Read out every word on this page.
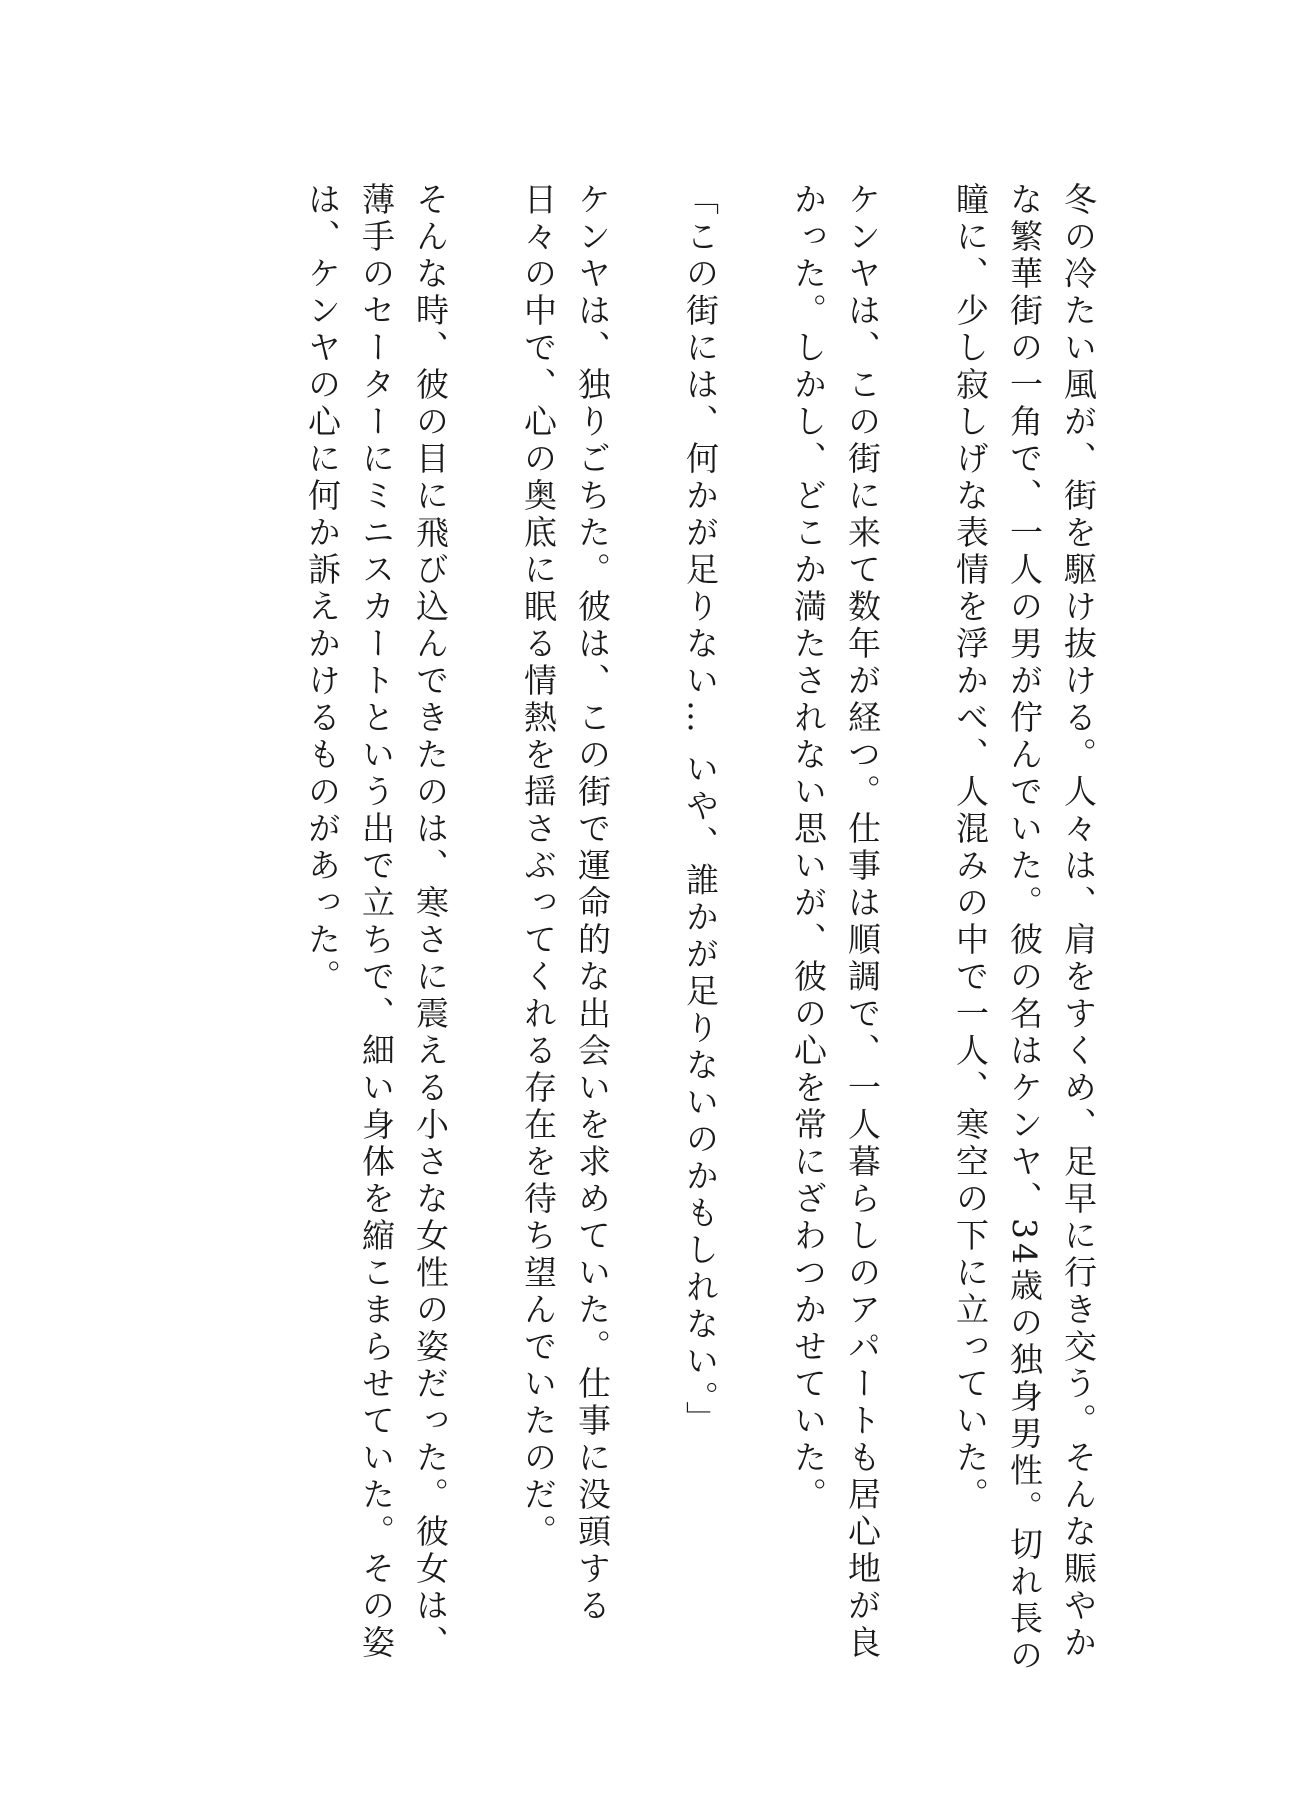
冬の冷たい風が、街を駆け抜ける。人々は、肩をすくめ、足早に行き交う。そんな賑やかな繁華街の一角で、一人の男が佇んでいた。彼の名はケンヤ、34歳の独身男性。切れ長の瞳に、少し寂しげな表情を浮かべ、人混みの中で一人、寒空の下に立っていた。

ケンヤは、この街に来て数年が経つ。仕事は順調で、一人暮らしのアパートも居心地が良かった。しかし、どこか満たされない思いが、彼の心を常にざわつかせていた。

「この街には、何かが足りない… いや、誰かが足りないのかもしれない。」

ケンヤは、独りごちた。彼は、この街で運命的な出会いを求めていた。仕事に没頭する日々の中で、心の奥底に眠る情熱を揺さぶってくれる存在を待ち望んでいたのだ。

そんな時、彼の目に飛び込んできたのは、寒さに震える小さな女性の姿だった。彼女は、薄手のセーターにミニスカートという出で立ちで、細い身体を縮こまらせていた。その姿は、ケンヤの心に何か訴えかけるものがあった。
